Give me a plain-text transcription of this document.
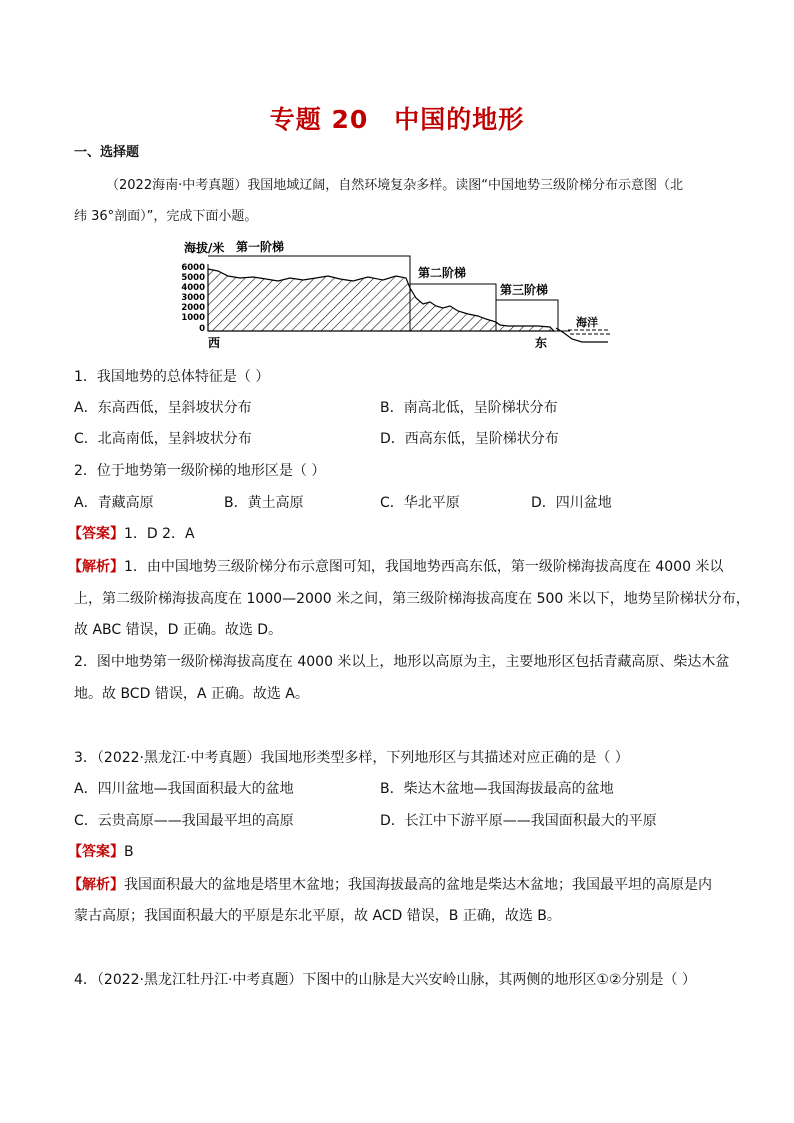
专题 20 中国的地形
一、选择题
（2022海南·中考真题）我国地域辽阔，自然环境复杂多样。读图“中国地势三级阶梯分布示意图（北
纬 36°剖面）”，完成下面小题。
海拔/米
6000
5000
4000
3000
2000
1000
0
第一阶梯
第二阶梯
第三阶梯
海洋
西	东
1．我国地势的总体特征是（ ）
A．东高西低，呈斜坡状分布	B．南高北低，呈阶梯状分布
C．北高南低，呈斜坡状分布	D．西高东低，呈阶梯状分布
2．位于地势第一级阶梯的地形区是（ ）
A．青藏高原	B．黄土高原	C．华北平原	D．四川盆地
【答案】1．D 2．A
【解析】1．由中国地势三级阶梯分布示意图可知，我国地势西高东低，第一级阶梯海拔高度在 4000 米以
上，第二级阶梯海拔高度在 1000—2000 米之间，第三级阶梯海拔高度在 500 米以下，地势呈阶梯状分布，
故 ABC 错误，D 正确。故选 D。
2．图中地势第一级阶梯海拔高度在 4000 米以上，地形以高原为主，主要地形区包括青藏高原、柴达木盆
地。故 BCD 错误，A 正确。故选 A。
3．（2022·黑龙江·中考真题）我国地形类型多样，下列地形区与其描述对应正确的是（ ）
A．四川盆地—我国面积最大的盆地	B．柴达木盆地—我国海拔最高的盆地
C．云贵高原——我国最平坦的高原	D．长江中下游平原——我国面积最大的平原
【答案】B
【解析】我国面积最大的盆地是塔里木盆地；我国海拔最高的盆地是柴达木盆地；我国最平坦的高原是内
蒙古高原；我国面积最大的平原是东北平原，故 ACD 错误，B 正确，故选 B。
4．（2022·黑龙江牡丹江·中考真题）下图中的山脉是大兴安岭山脉，其两侧的地形区①②分别是（ ）
